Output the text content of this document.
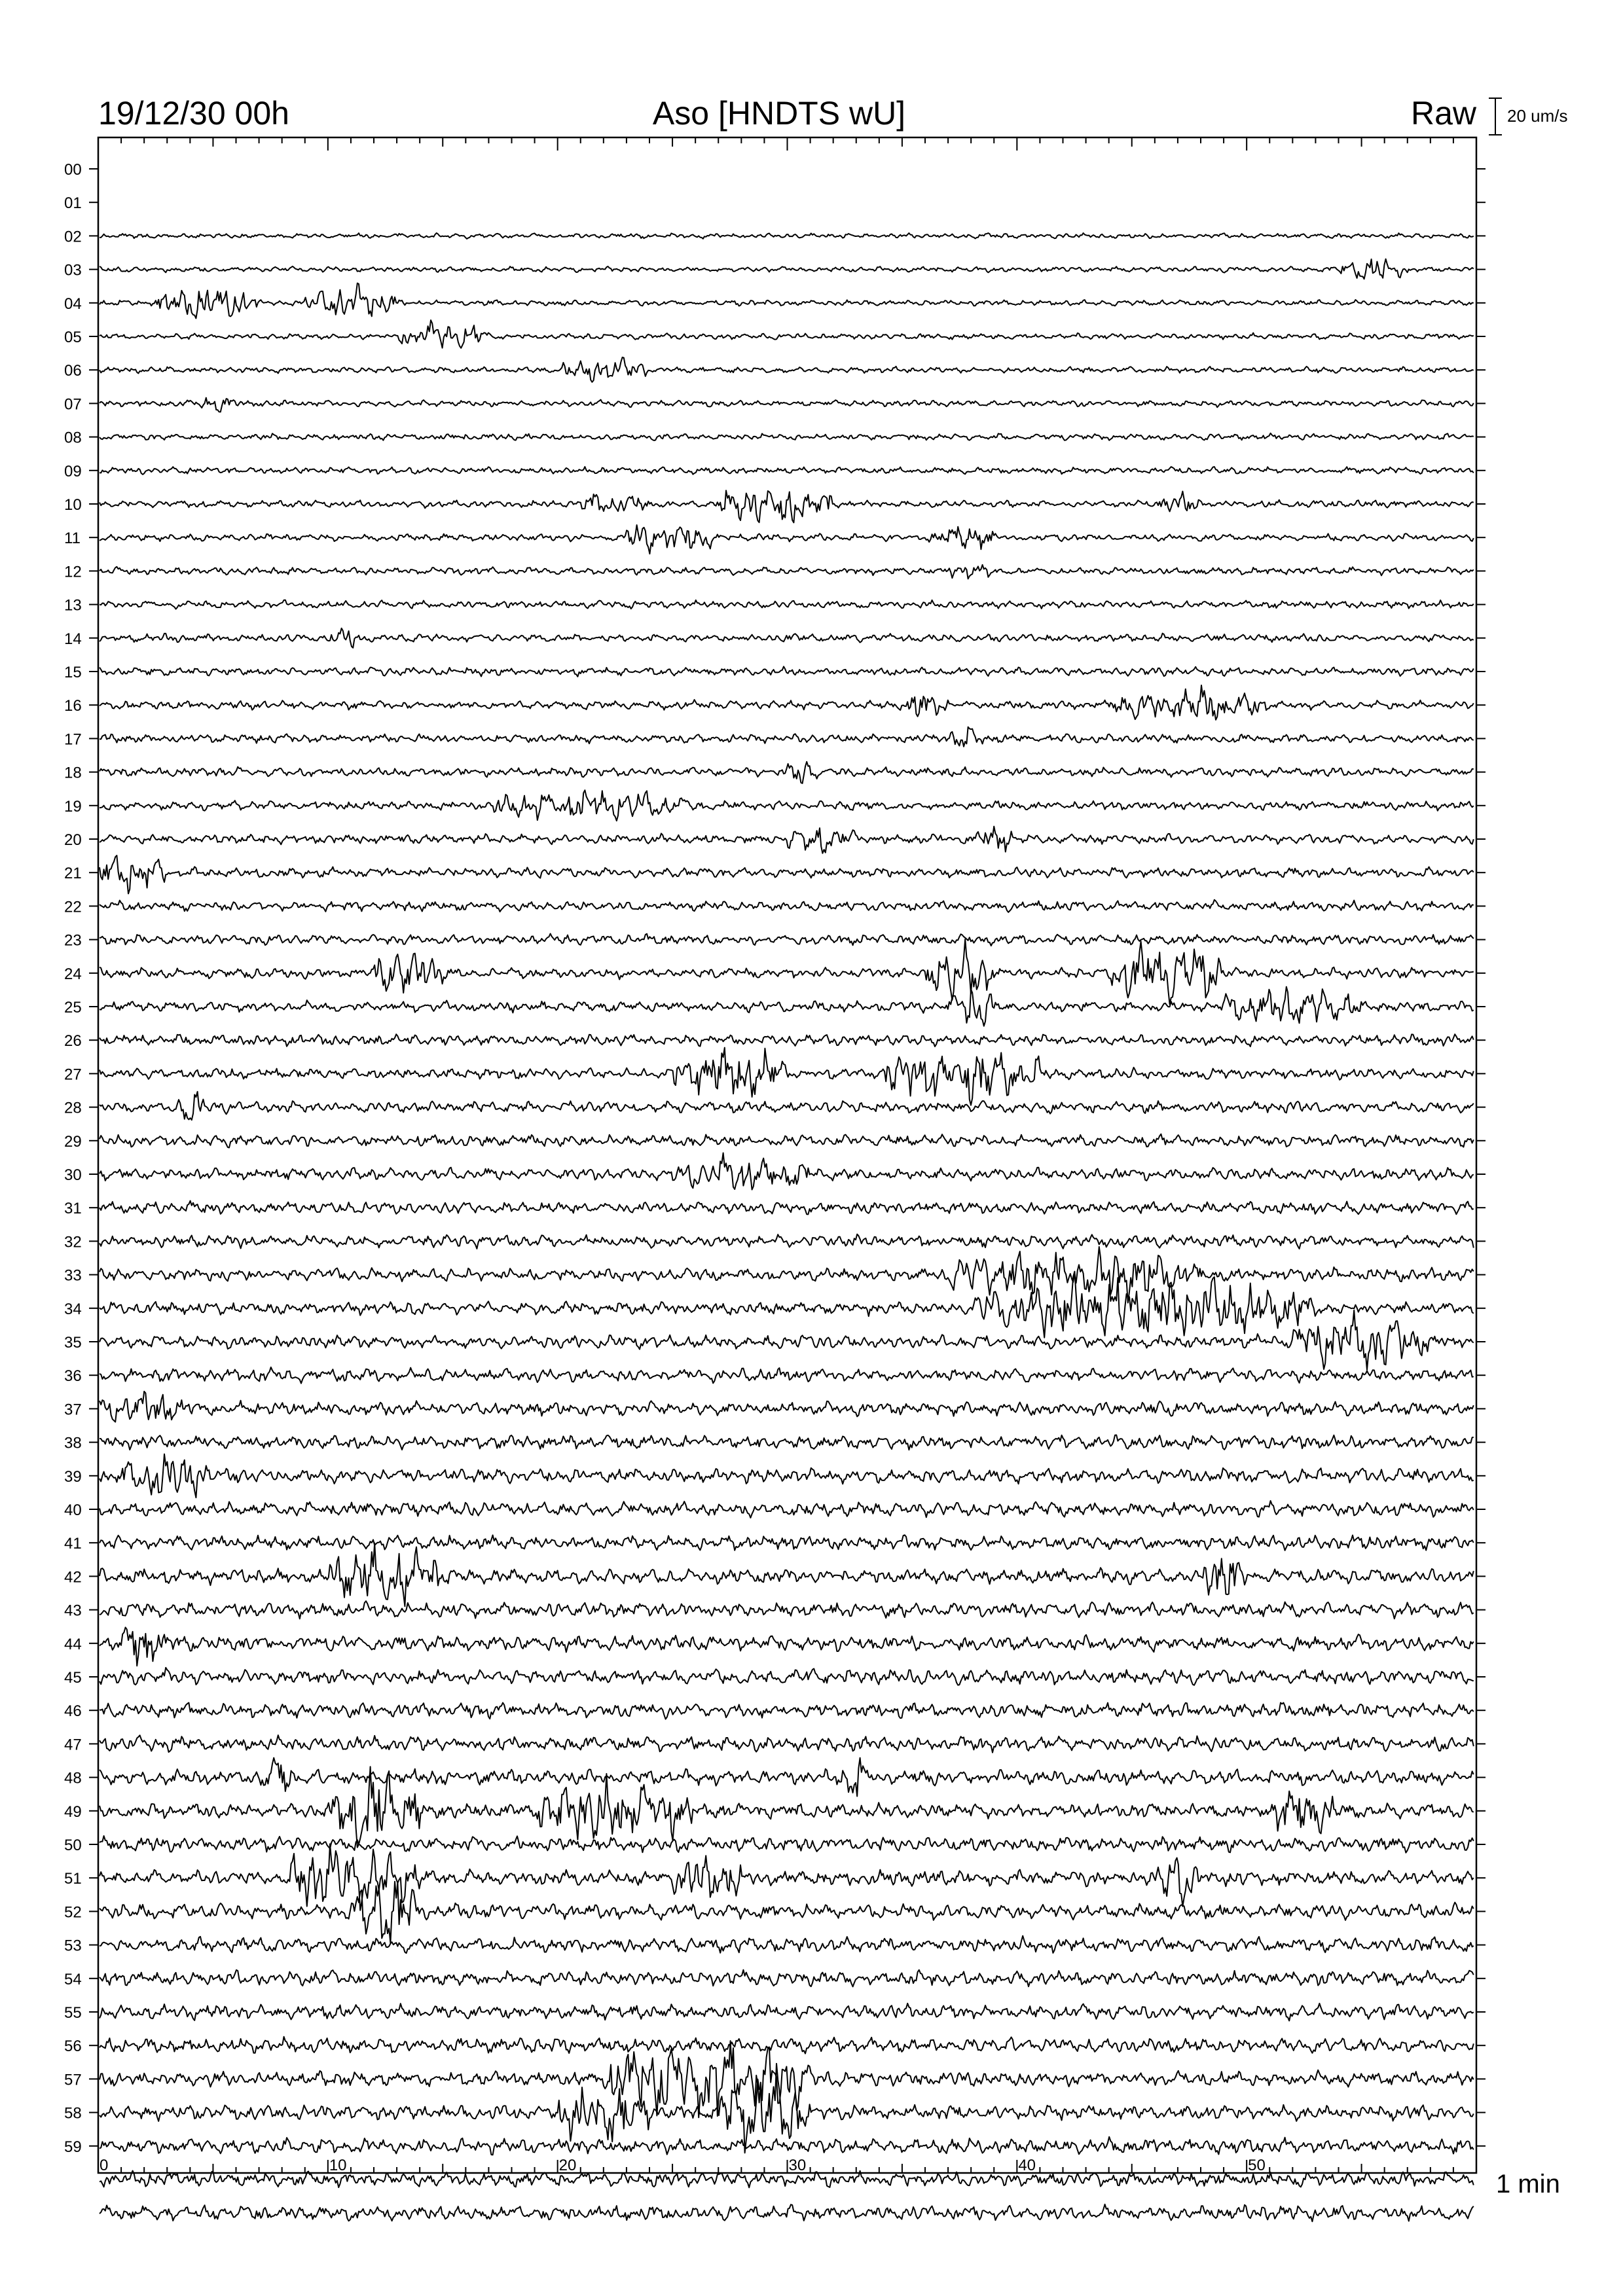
19/12/30 00h	Aso [HNDTS wU]	Raw 20 um/s
00
01
02
03
04
05
06
07
08
09
10
11
12
13
14
15
16
17
18
19
20
21
22
23
24
25
26
27
28
29
30
31
32
33
34
35
36
37
38
39
40
41
42
43
44
45
46
47
48
49
50
51
52
53
54
55
56
57
58
59
0	10	20	30	40	50
1 min
